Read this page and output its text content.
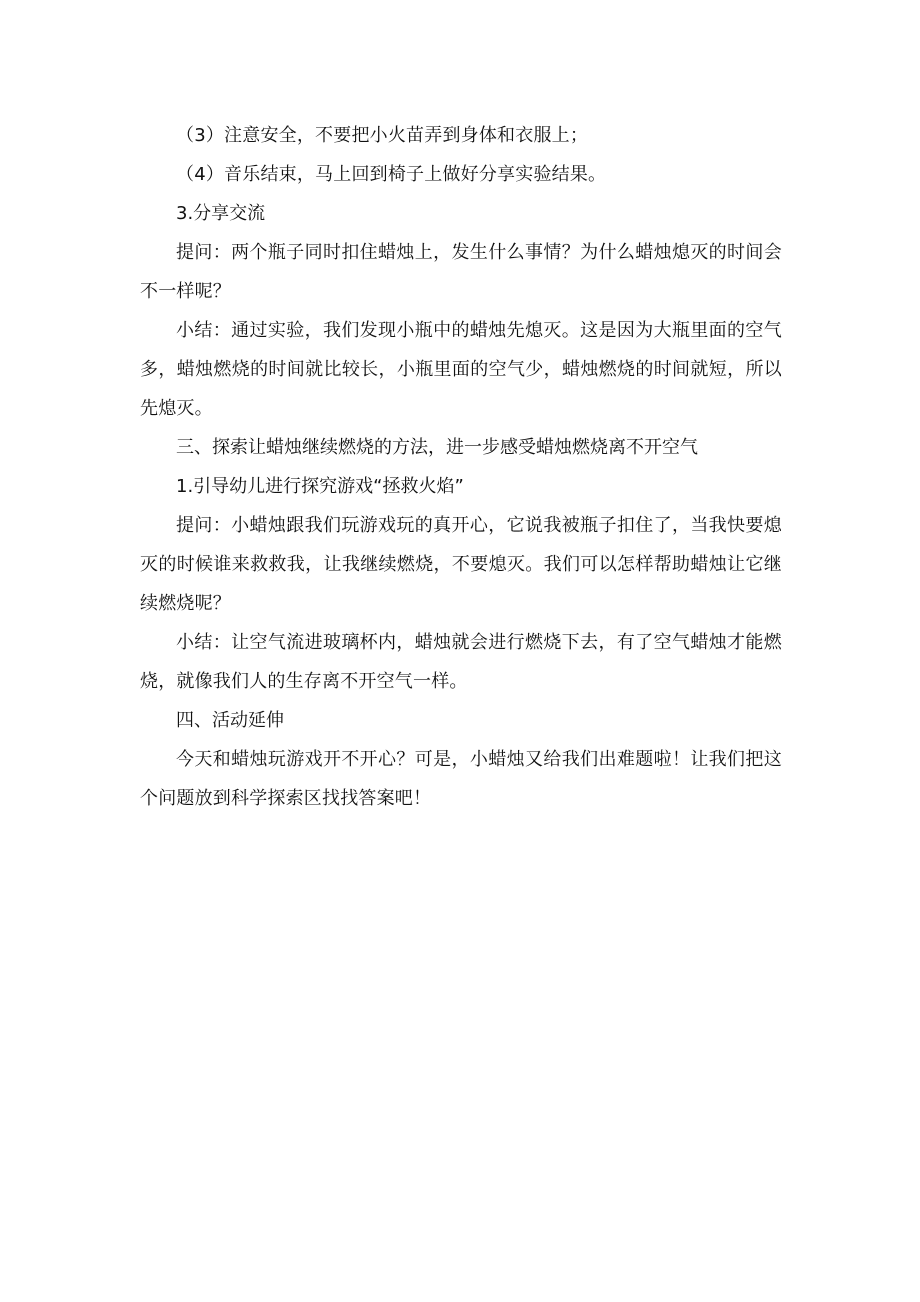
（3）注意安全，不要把小火苗弄到身体和衣服上；

（4）音乐结束，马上回到椅子上做好分享实验结果。

3.分享交流

提问：两个瓶子同时扣住蜡烛上，发生什么事情？为什么蜡烛熄灭的时间会不一样呢？

小结：通过实验，我们发现小瓶中的蜡烛先熄灭。这是因为大瓶里面的空气多，蜡烛燃烧的时间就比较长，小瓶里面的空气少，蜡烛燃烧的时间就短，所以先熄灭。

三、探索让蜡烛继续燃烧的方法，进一步感受蜡烛燃烧离不开空气

1.引导幼儿进行探究游戏“拯救火焰”

提问：小蜡烛跟我们玩游戏玩的真开心，它说我被瓶子扣住了，当我快要熄灭的时候谁来救救我，让我继续燃烧，不要熄灭。我们可以怎样帮助蜡烛让它继续燃烧呢？

小结：让空气流进玻璃杯内，蜡烛就会进行燃烧下去，有了空气蜡烛才能燃烧，就像我们人的生存离不开空气一样。

四、活动延伸

今天和蜡烛玩游戏开不开心？可是，小蜡烛又给我们出难题啦！让我们把这个问题放到科学探索区找找答案吧！
